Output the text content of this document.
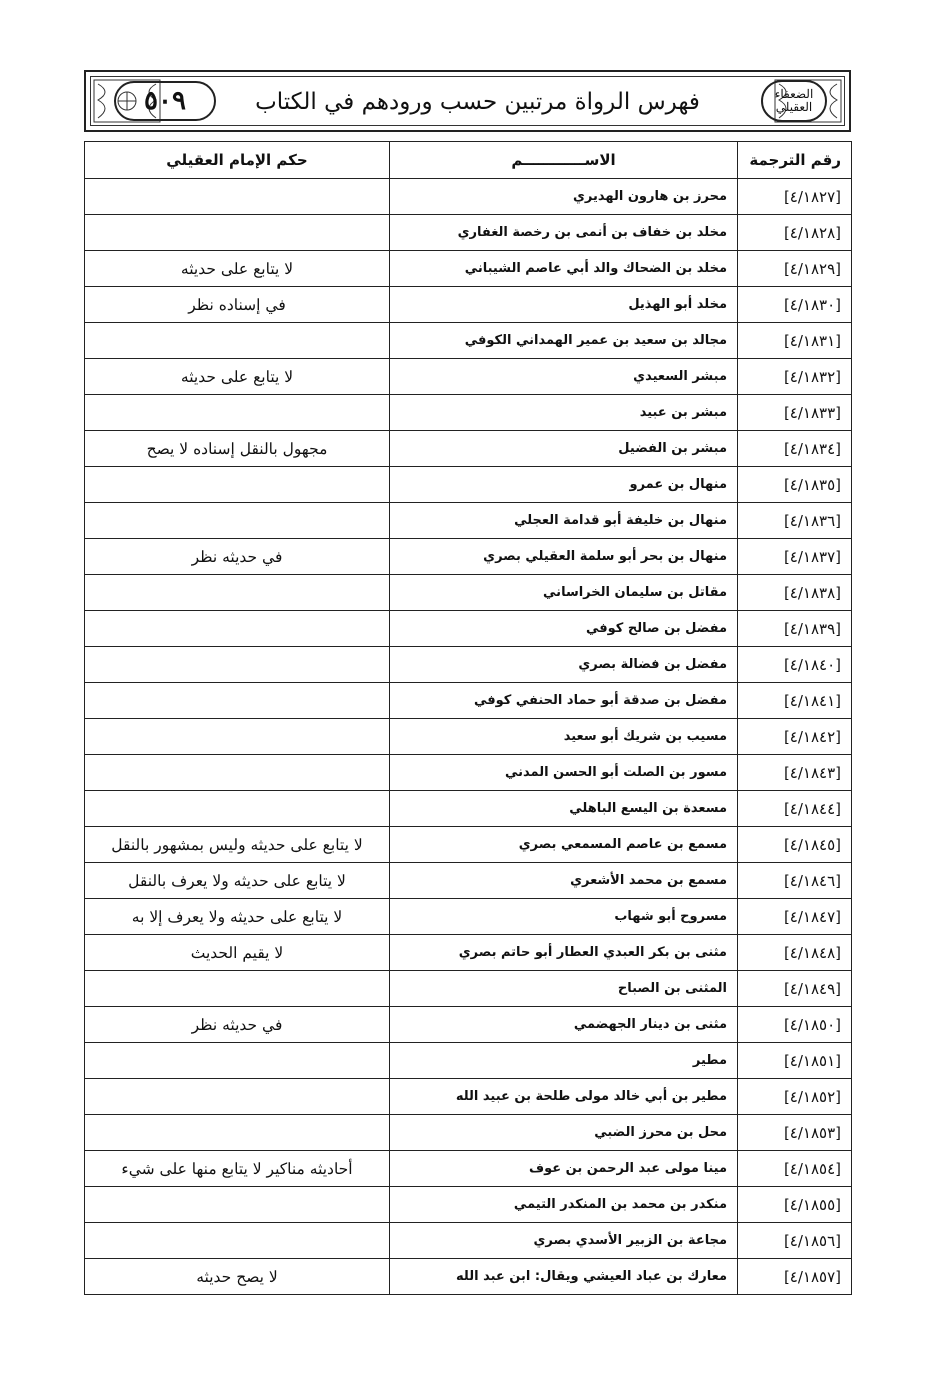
٥٠٩	الضعفاء العقيلي
فهرس الرواة مرتبين حسب ورودهم في الكتاب
رقم الترجمة	الاســــــــــــم	حكم الإمام العقيلي
[٤/١٨٢٧]	محرز بن هارون الهديري	
[٤/١٨٢٨]	مخلد بن خفاف بن أنمى بن رخصة الغفاري	
[٤/١٨٢٩]	مخلد بن الضحاك والد أبي عاصم الشيباني	لا يتابع على حديثه
[٤/١٨٣٠]	مخلد أبو الهذيل	في إسناده نظر
[٤/١٨٣١]	مجالد بن سعيد بن عمير الهمداني الكوفي	
[٤/١٨٣٢]	مبشر السعيدي	لا يتابع على حديثه
[٤/١٨٣٣]	مبشر بن عبيد	
[٤/١٨٣٤]	مبشر بن الفضيل	مجهول بالنقل إسناده لا يصح
[٤/١٨٣٥]	منهال بن عمرو	
[٤/١٨٣٦]	منهال بن خليفة أبو قدامة العجلي	
[٤/١٨٣٧]	منهال بن بحر أبو سلمة العقيلي بصري	في حديثه نظر
[٤/١٨٣٨]	مقاتل بن سليمان الخراساني	
[٤/١٨٣٩]	مفضل بن صالح كوفي	
[٤/١٨٤٠]	مفضل بن فضالة بصري	
[٤/١٨٤١]	مفضل بن صدقة أبو حماد الحنفي كوفي	
[٤/١٨٤٢]	مسيب بن شريك أبو سعيد	
[٤/١٨٤٣]	مسور بن الصلت أبو الحسن المدني	
[٤/١٨٤٤]	مسعدة بن اليسع الباهلي	
[٤/١٨٤٥]	مسمع بن عاصم المسمعي بصري	لا يتابع على حديثه وليس بمشهور بالنقل
[٤/١٨٤٦]	مسمع بن محمد الأشعري	لا يتابع على حديثه ولا يعرف بالنقل
[٤/١٨٤٧]	مسروح أبو شهاب	لا يتابع على حديثه ولا يعرف إلا به
[٤/١٨٤٨]	مثنى بن بكر العبدي العطار أبو حاتم بصري	لا يقيم الحديث
[٤/١٨٤٩]	المثنى بن الصباح	
[٤/١٨٥٠]	مثنى بن دينار الجهضمي	في حديثه نظر
[٤/١٨٥١]	مطير	
[٤/١٨٥٢]	مطير بن أبي خالد مولى طلحة بن عبيد الله	
[٤/١٨٥٣]	محل بن محرز الضبي	
[٤/١٨٥٤]	مينا مولى عبد الرحمن بن عوف	أحاديثه مناكير لا يتابع منها على شيء
[٤/١٨٥٥]	منكدر بن محمد بن المنكدر التيمي	
[٤/١٨٥٦]	مجاعة بن الزبير الأسدي بصري	
[٤/١٨٥٧]	معارك بن عباد العيشي ويقال: ابن عبد الله	لا يصح حديثه
